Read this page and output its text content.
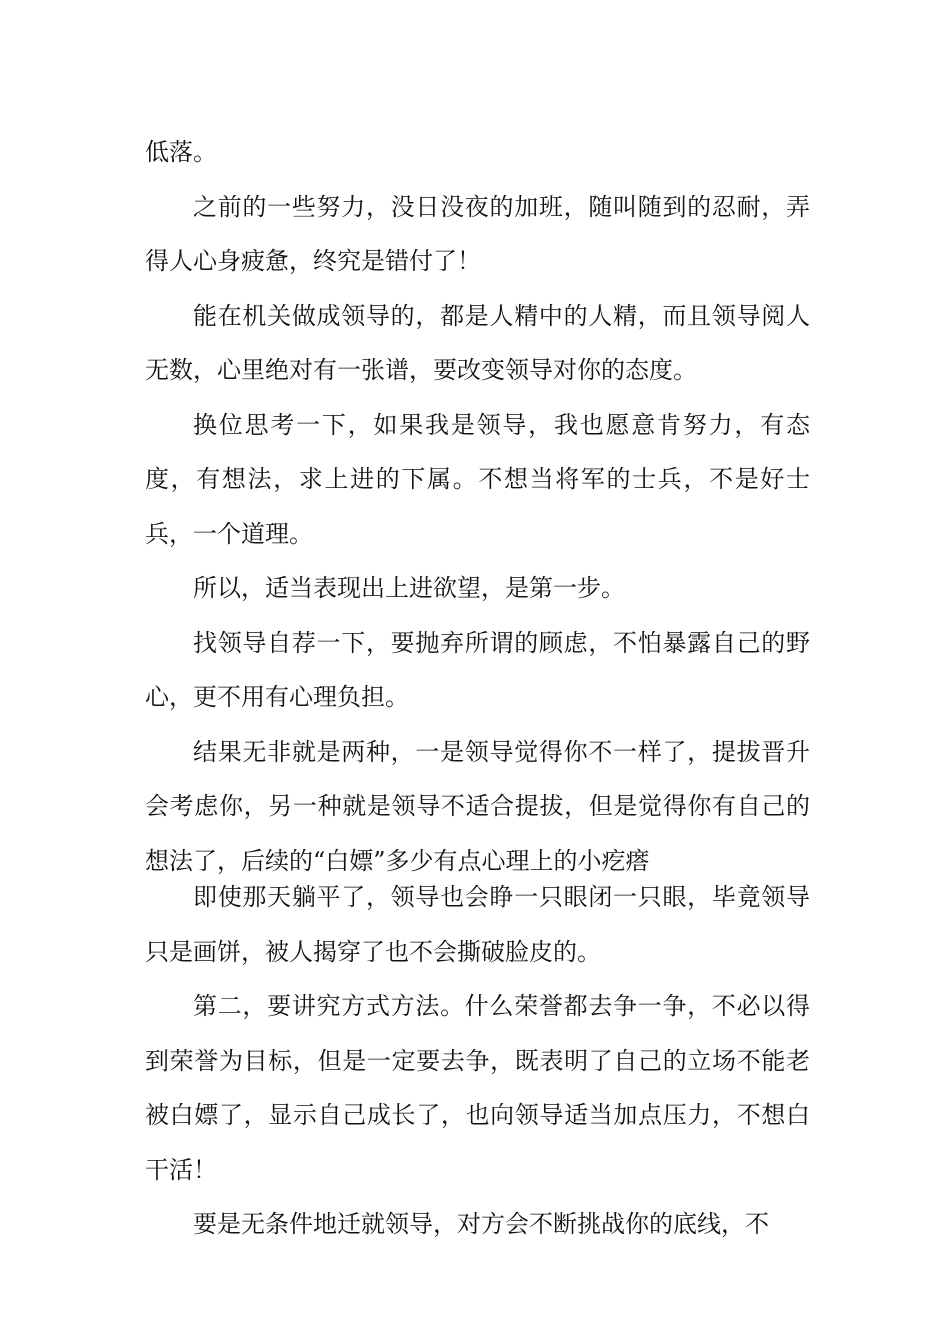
低落。

之前的一些努力，没日没夜的加班，随叫随到的忍耐，弄得人心身疲惫，终究是错付了！

能在机关做成领导的，都是人精中的人精，而且领导阅人无数，心里绝对有一张谱，要改变领导对你的态度。

换位思考一下，如果我是领导，我也愿意肯努力，有态度，有想法，求上进的下属。不想当将军的士兵，不是好士兵，一个道理。

所以，适当表现出上进欲望，是第一步。

找领导自荐一下，要抛弃所谓的顾虑，不怕暴露自己的野心，更不用有心理负担。

结果无非就是两种，一是领导觉得你不一样了，提拔晋升会考虑你，另一种就是领导不适合提拔，但是觉得你有自己的想法了，后续的“白嫖”多少有点心理上的小疙瘩

即使那天躺平了，领导也会睁一只眼闭一只眼，毕竟领导只是画饼，被人揭穿了也不会撕破脸皮的。

第二，要讲究方式方法。什么荣誉都去争一争，不必以得到荣誉为目标，但是一定要去争，既表明了自己的立场不能老被白嫖了，显示自己成长了，也向领导适当加点压力，不想白干活！

要是无条件地迁就领导，对方会不断挑战你的底线，不
